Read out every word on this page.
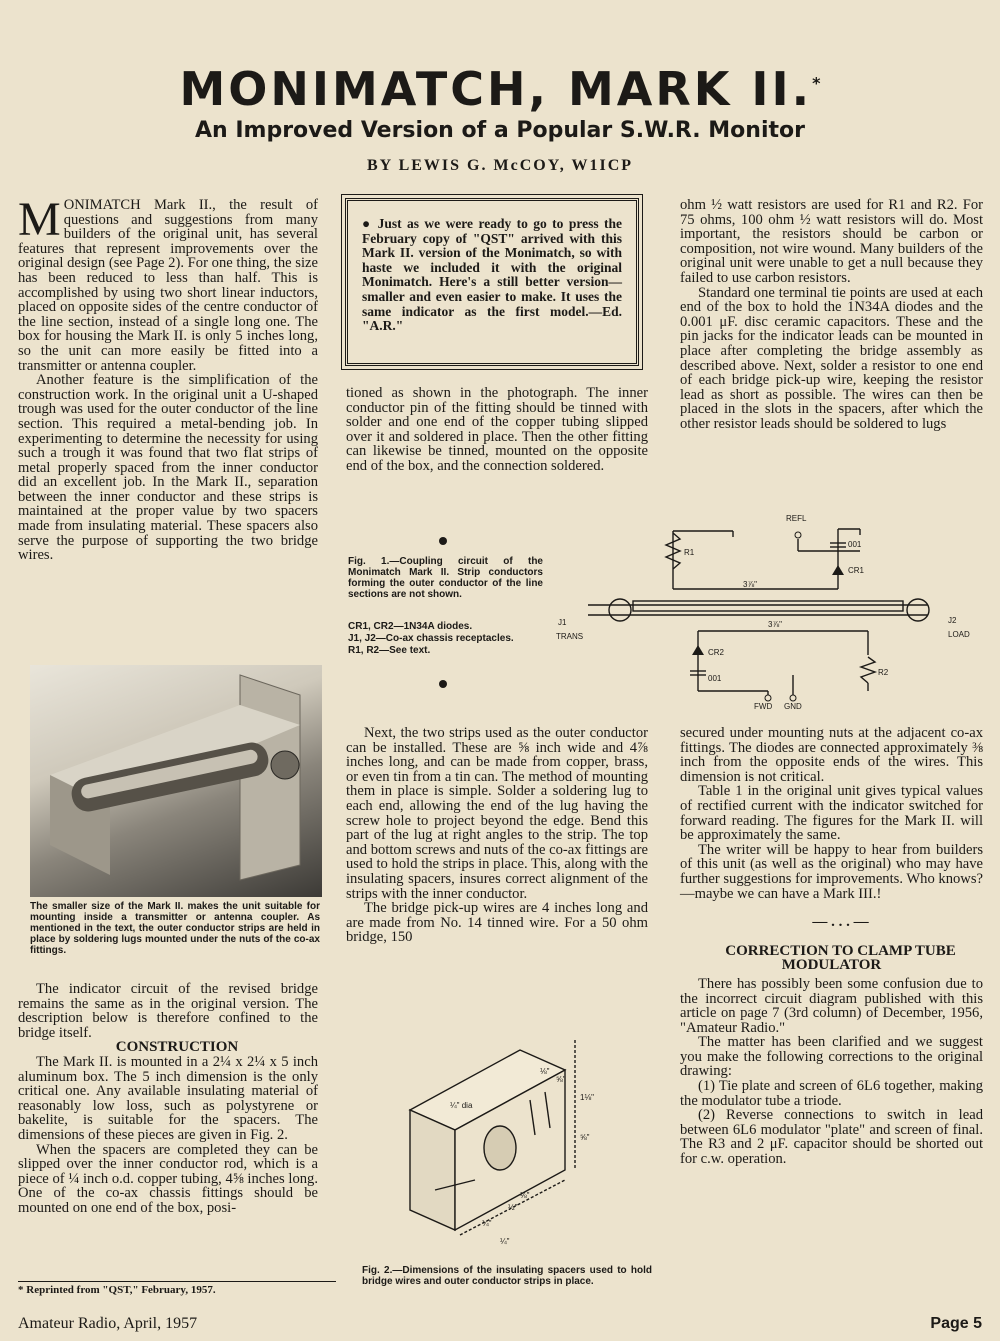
MONIMATCH, MARK II.*
An Improved Version of a Popular S.W.R. Monitor
BY LEWIS G. McCOY, W1ICP

MONIMATCH Mark II., the result of questions and suggestions from many builders of the original unit, has several features that represent improvements over the original design (see Page 2). For one thing, the size has been reduced to less than half. This is accomplished by using two short linear inductors, placed on opposite sides of the centre conductor of the line section, instead of a single long one. The box for housing the Mark II. is only 5 inches long, so the unit can more easily be fitted into a transmitter or antenna coupler.

Another feature is the simplification of the construction work. In the original unit a U-shaped trough was used for the outer conductor of the line section. This required a metal-bending job. In experimenting to determine the necessity for using such a trough it was found that two flat strips of metal properly spaced from the inner conductor did an excellent job. In the Mark II., separation between the inner conductor and these strips is maintained at the proper value by two spacers made from insulating material. These spacers also serve the purpose of supporting the two bridge wires.

The smaller size of the Mark II. makes the unit suitable for mounting inside a transmitter or antenna coupler. As mentioned in the text, the outer conductor strips are held in place by soldering lugs mounted under the nuts of the co-ax fittings.

The indicator circuit of the revised bridge remains the same as in the original version. The description below is therefore confined to the bridge itself.

CONSTRUCTION

The Mark II. is mounted in a 2¼ x 2¼ x 5 inch aluminum box. The 5 inch dimension is the only critical one. Any available insulating material of reasonably low loss, such as polystyrene or bakelite, is suitable for the spacers. The dimensions of these pieces are given in Fig. 2.

When the spacers are completed they can be slipped over the inner conductor rod, which is a piece of ¼ inch o.d. copper tubing, 4⅝ inches long. One of the co-ax chassis fittings should be mounted on one end of the box, posi-

* Reprinted from "QST," February, 1957.

● Just as we were ready to go to press the February copy of "QST" arrived with this Mark II. version of the Monimatch, so with haste we included it with the original Monimatch. Here's a still better version—smaller and even easier to make. It uses the same indicator as the first model.—Ed. "A.R."

tioned as shown in the photograph. The inner conductor pin of the fitting should be tinned with solder and one end of the copper tubing slipped over it and soldered in place. Then the other fitting can likewise be tinned, mounted on the opposite end of the box, and the connection soldered.

Fig. 1.—Coupling circuit of the Monimatch Mark II. Strip conductors forming the outer conductor of the line sections are not shown.
CR1, CR2—1N34A diodes.
J1, J2—Co-ax chassis receptacles.
R1, R2—See text.
REFL
001
CR1
R1
3⅞"
J1
TRANS
J2
LOAD
3⅞"
CR2
001
R2
FWD GND

Next, the two strips used as the outer conductor can be installed. These are ⅝ inch wide and 4⅞ inches long, and can be made from copper, brass, or even tin from a tin can. The method of mounting them in place is simple. Solder a soldering lug to each end, allowing the end of the lug having the screw hole to project beyond the edge. Bend this part of the lug at right angles to the strip. The top and bottom screws and nuts of the co-ax fittings are used to hold the strips in place. This, along with the insulating spacers, insures correct alignment of the strips with the inner conductor.

The bridge pick-up wires are 4 inches long and are made from No. 14 tinned wire. For a 50 ohm bridge, 150

¼" dia
1⅛"
⅝"
⅝"
⅛"
½"
⅛"
¼"
¼"
Fig. 2.—Dimensions of the insulating spacers used to hold bridge wires and outer conductor strips in place.

ohm ½ watt resistors are used for R1 and R2. For 75 ohms, 100 ohm ½ watt resistors will do. Most important, the resistors should be carbon or composition, not wire wound. Many builders of the original unit were unable to get a null because they failed to use carbon resistors.

Standard one terminal tie points are used at each end of the box to hold the 1N34A diodes and the 0.001 μF. disc ceramic capacitors. These and the pin jacks for the indicator leads can be mounted in place after completing the bridge assembly as described above. Next, solder a resistor to one end of each bridge pick-up wire, keeping the resistor lead as short as possible. The wires can then be placed in the slots in the spacers, after which the other resistor leads should be soldered to lugs

secured under mounting nuts at the adjacent co-ax fittings. The diodes are connected approximately ⅜ inch from the opposite ends of the wires. This dimension is not critical.

Table 1 in the original unit gives typical values of rectified current with the indicator switched for forward reading. The figures for the Mark II. will be approximately the same.

The writer will be happy to hear from builders of this unit (as well as the original) who may have further suggestions for improvements. Who knows?—maybe we can have a Mark III.!

— . . . —

CORRECTION TO CLAMP TUBE MODULATOR

There has possibly been some confusion due to the incorrect circuit diagram published with this article on page 7 (3rd column) of December, 1956, "Amateur Radio."

The matter has been clarified and we suggest you make the following corrections to the original drawing:

(1) Tie plate and screen of 6L6 together, making the modulator tube a triode.

(2) Reverse connections to switch in lead between 6L6 modulator "plate" and screen of final. The R3 and 2 μF. capacitor should be shorted out for c.w. operation.

Amateur Radio, April, 1957	Page 5
